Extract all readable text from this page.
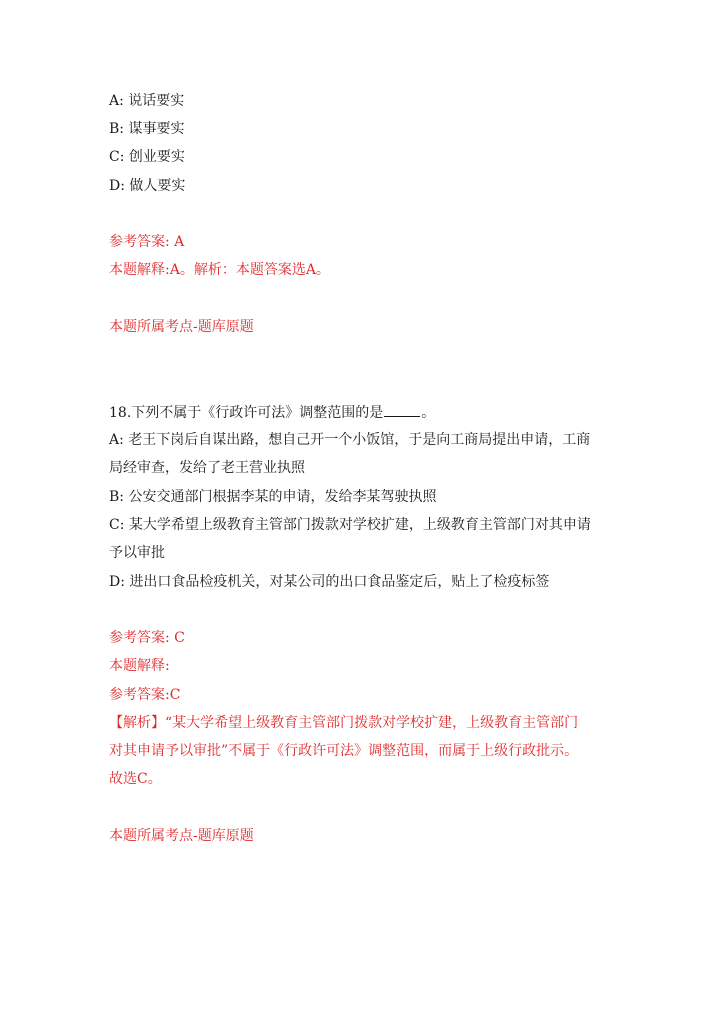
A: 说话要实
B: 谋事要实
C: 创业要实
D: 做人要实
参考答案: A
本题解释:A。解析：本题答案选A。
本题所属考点-题库原题
18.下列不属于《行政许可法》调整范围的是	。
A: 老王下岗后自谋出路，想自己开一个小饭馆，于是向工商局提出申请，工商
局经审查，发给了老王营业执照
B: 公安交通部门根据李某的申请，发给李某驾驶执照
C: 某大学希望上级教育主管部门拨款对学校扩建，上级教育主管部门对其申请
予以审批
D: 进出口食品检疫机关，对某公司的出口食品鉴定后，贴上了检疫标签
参考答案: C
本题解释:
参考答案:C
【解析】“某大学希望上级教育主管部门拨款对学校扩建，上级教育主管部门
对其申请予以审批”不属于《行政许可法》调整范围，而属于上级行政批示。
故选C。
本题所属考点-题库原题
